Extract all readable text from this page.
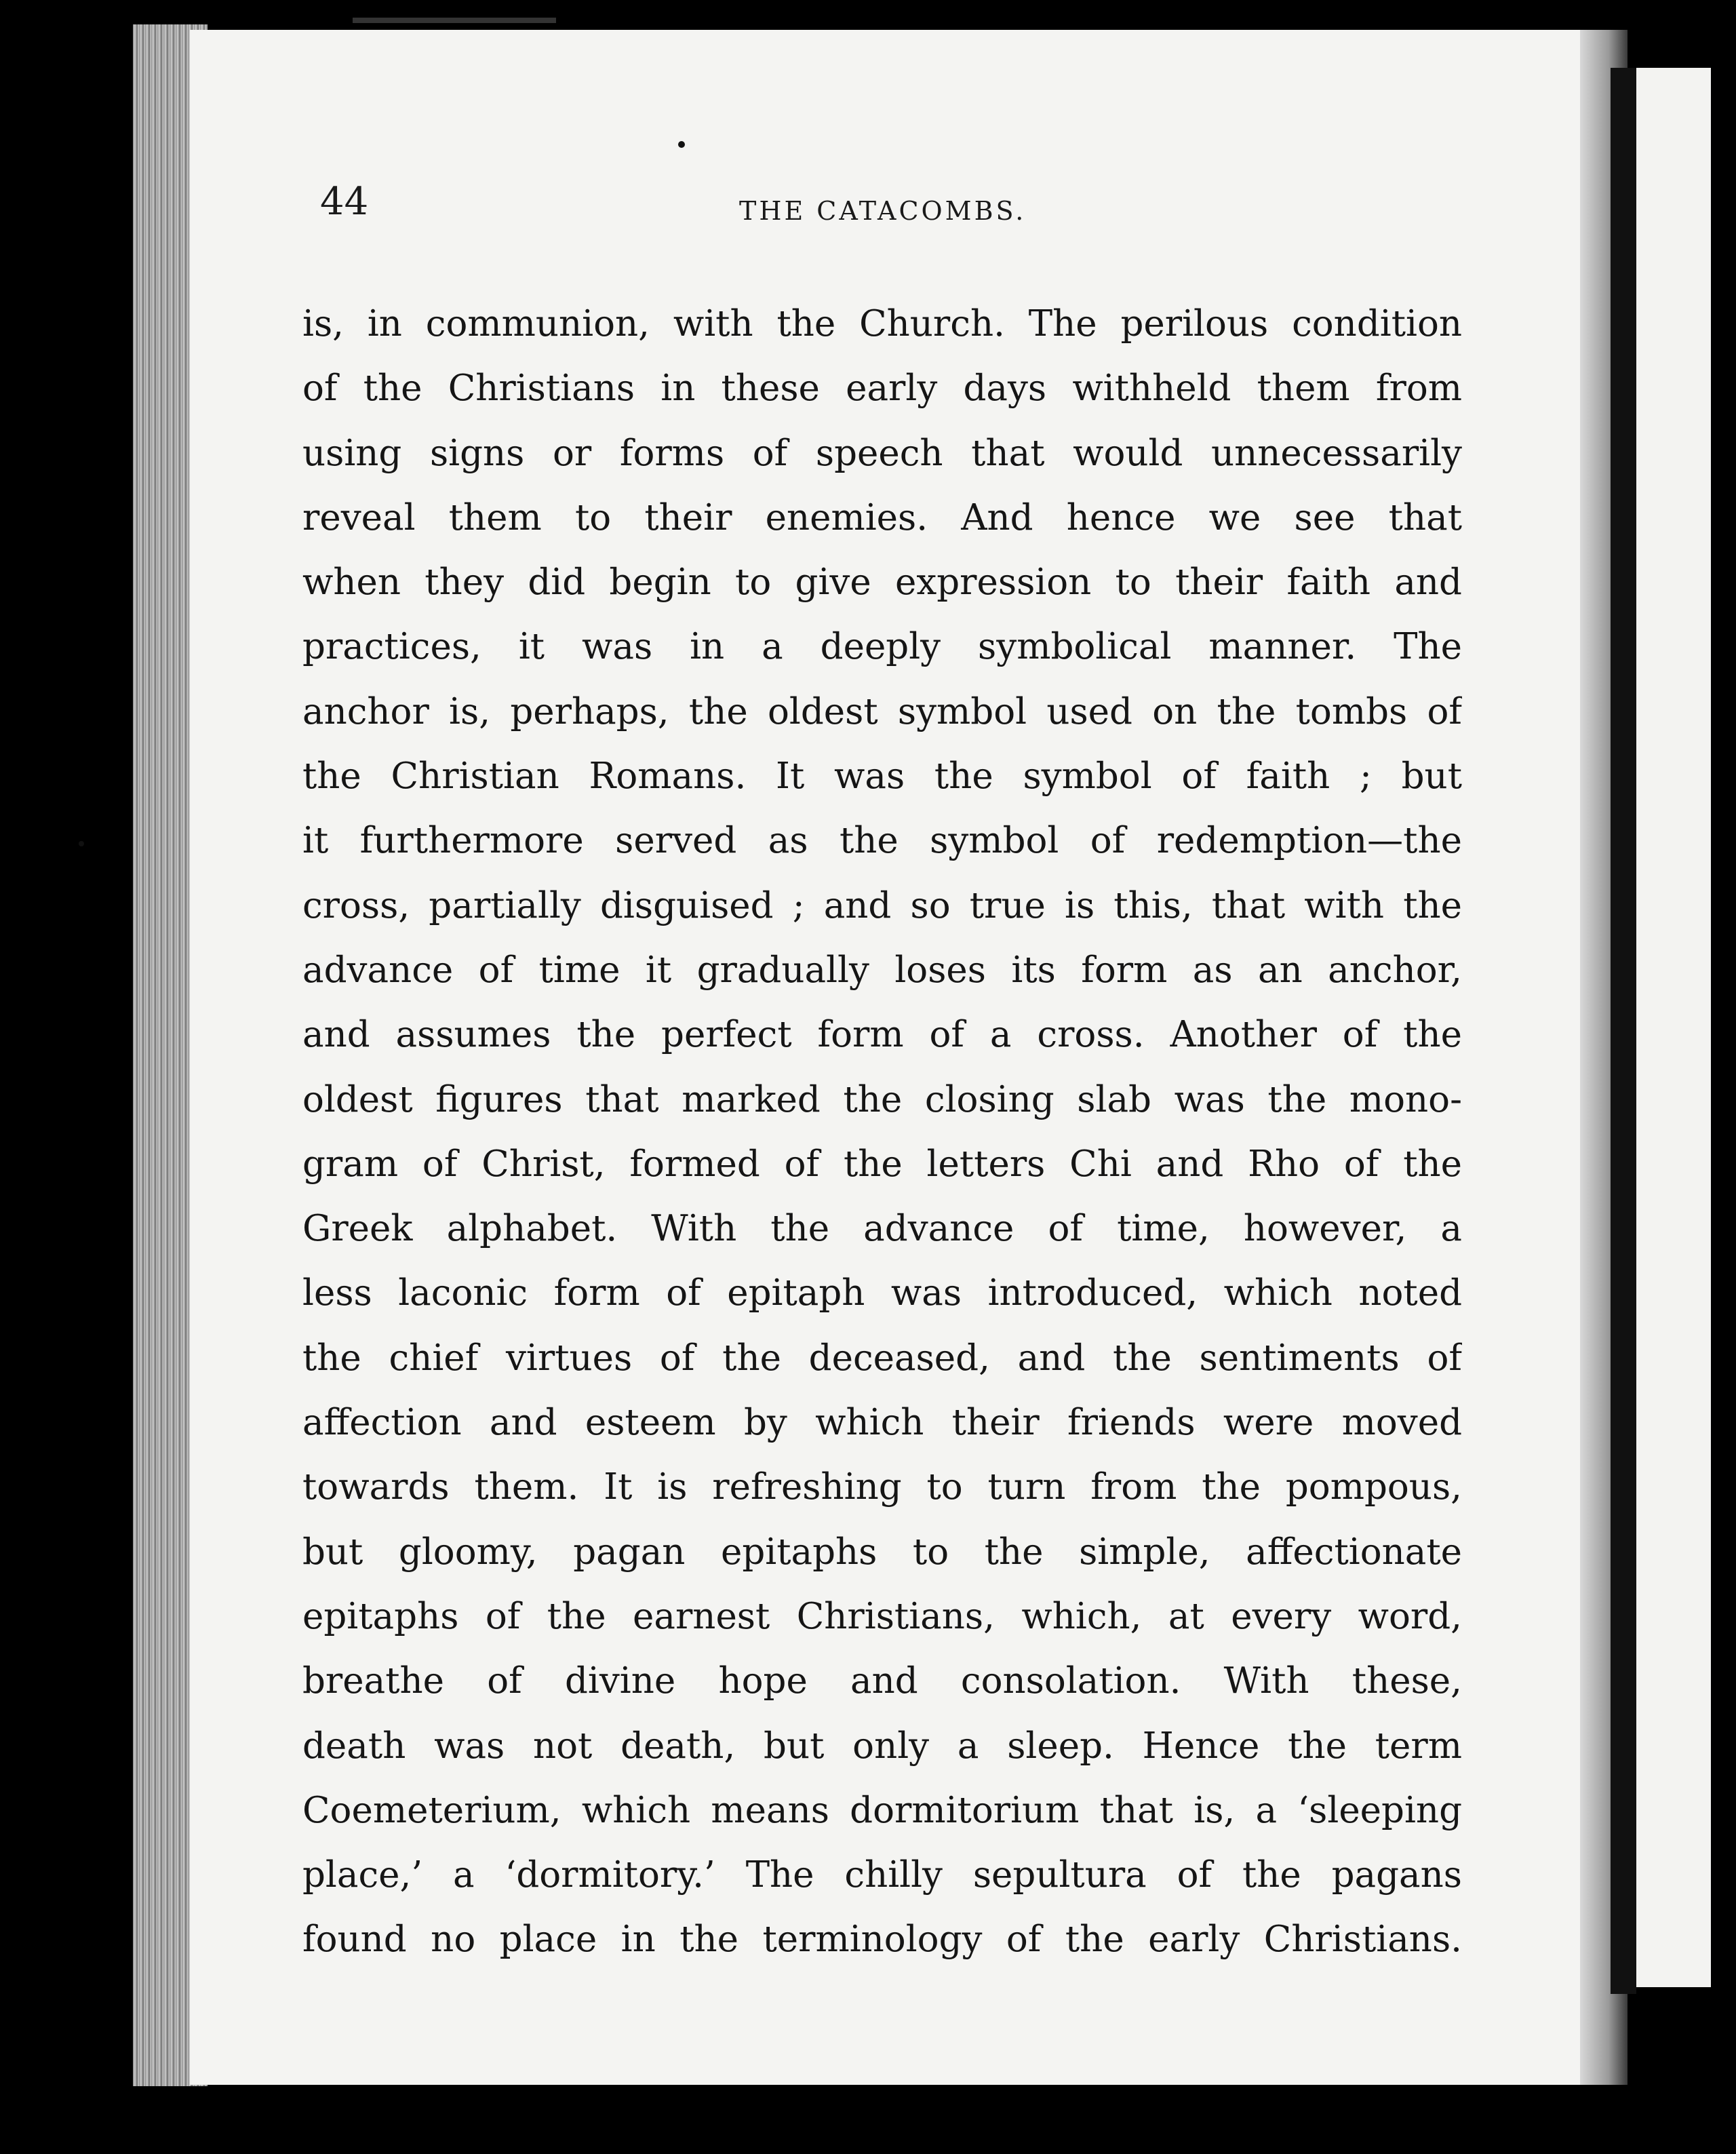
44	THE CATACOMBS.
is, in communion, with the Church. The perilous condition
of the Christians in these early days withheld them from
using signs or forms of speech that would unnecessarily
reveal them to their enemies. And hence we see that
when they did begin to give expression to their faith and
practices, it was in a deeply symbolical manner. The
anchor is, perhaps, the oldest symbol used on the tombs of
the Christian Romans. It was the symbol of faith ; but
it furthermore served as the symbol of redemption—the
cross, partially disguised ; and so true is this, that with the
advance of time it gradually loses its form as an anchor,
and assumes the perfect form of a cross. Another of the
oldest figures that marked the closing slab was the mono-
gram of Christ, formed of the letters Chi and Rho of the
Greek alphabet. With the advance of time, however, a
less laconic form of epitaph was introduced, which noted
the chief virtues of the deceased, and the sentiments of
affection and esteem by which their friends were moved
towards them. It is refreshing to turn from the pompous,
but gloomy, pagan epitaphs to the simple, affectionate
epitaphs of the earnest Christians, which, at every word,
breathe of divine hope and consolation. With these,
death was not death, but only a sleep. Hence the term
Coemeterium, which means dormitorium that is, a ‘sleeping
place,’ a ‘dormitory.’ The chilly sepultura of the pagans
found no place in the terminology of the early Christians.
